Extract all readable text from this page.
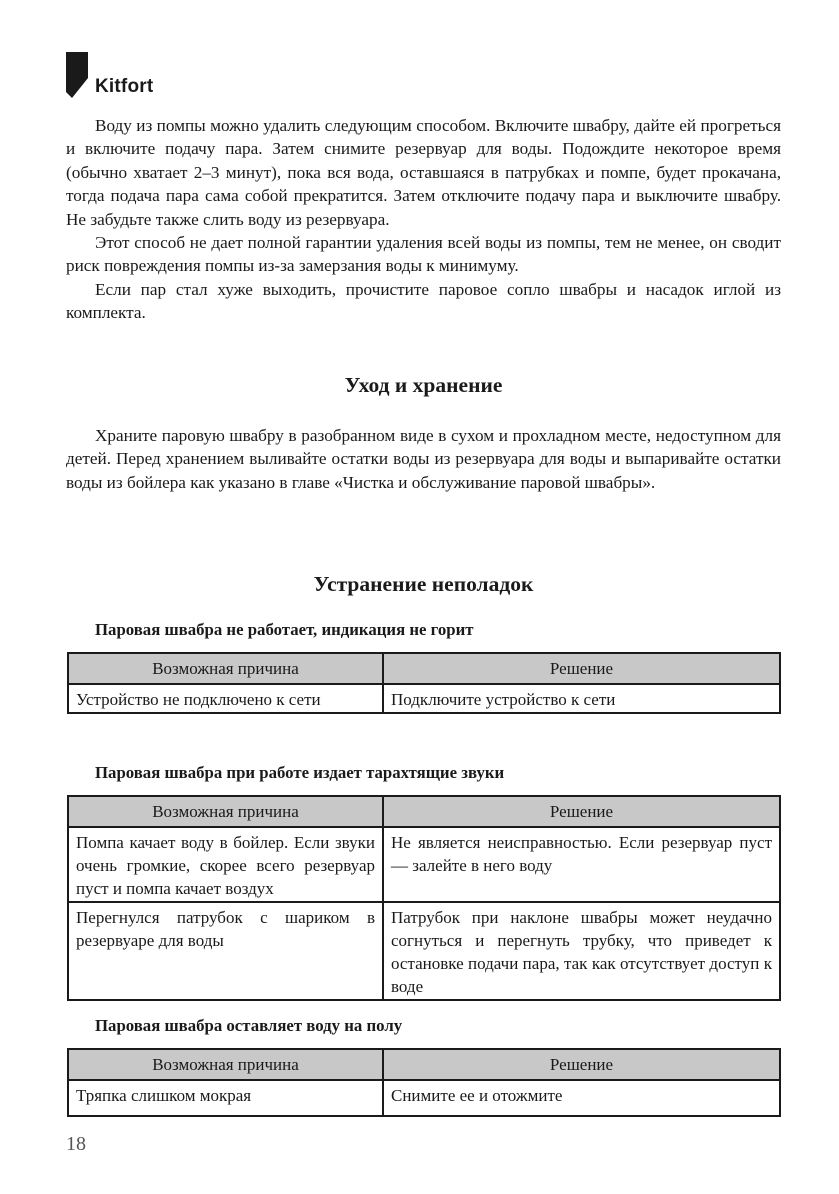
Kitfort

Воду из помпы можно удалить следующим способом. Включите швабру, дайте ей прогреться и включите подачу пара. Затем снимите резервуар для воды. Подождите некоторое время (обычно хватает 2–3 минут), пока вся вода, оставшаяся в патрубках и помпе, будет прокачана, тогда подача пара сама собой прекратится. Затем отключите подачу пара и выключите швабру. Не забудьте также слить воду из резервуара.

Этот способ не дает полной гарантии удаления всей воды из помпы, тем не менее, он сводит риск повреждения помпы из-за замерзания воды к минимуму.

Если пар стал хуже выходить, прочистите паровое сопло швабры и насадок иглой из комплекта.

Уход и хранение

Храните паровую швабру в разобранном виде в сухом и прохладном месте, недоступном для детей. Перед хранением выливайте остатки воды из резервуара для воды и выпаривайте остатки воды из бойлера как указано в главе «Чистка и обслуживание паровой швабры».

Устранение неполадок
Паровая швабра не работает, индикация не горит
Возможная причина	Решение
Устройство не подключено к сети	Подключите устройство к сети
Паровая швабра при работе издает тарахтящие звуки
Возможная причина	Решение
Помпа качает воду в бойлер. Если звуки очень громкие, скорее всего резервуар пуст и помпа качает воздух	Не является неисправностью. Если резервуар пуст — залейте в него воду
Перегнулся патрубок с шариком в резервуаре для воды	Патрубок при наклоне швабры может неудачно согнуться и перегнуть трубку, что приведет к остановке подачи пара, так как отсутствует доступ к воде
Паровая швабра оставляет воду на полу
Возможная причина	Решение
Тряпка слишком мокрая	Снимите ее и отожмите
18
